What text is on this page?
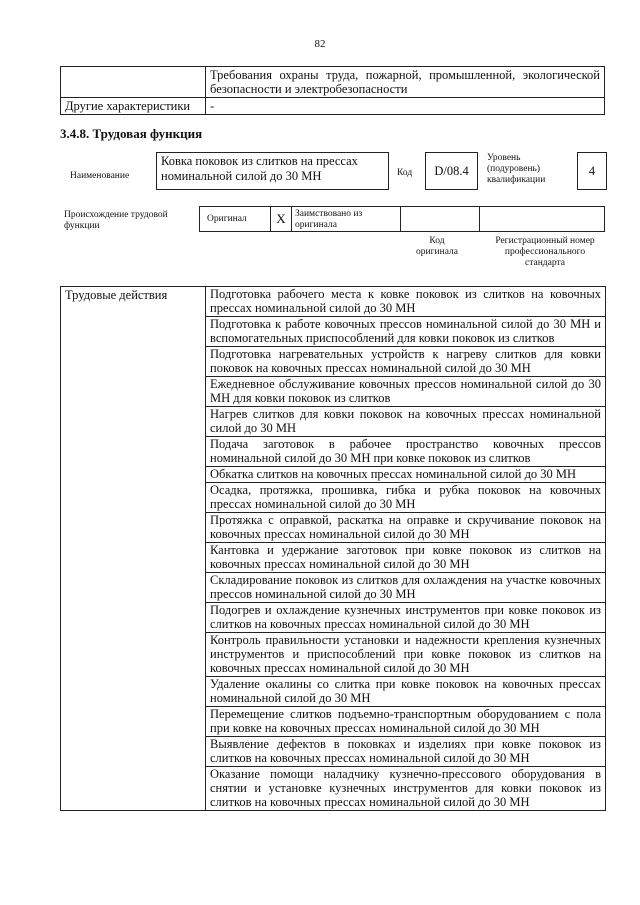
82
	Требования охраны труда, пожарной, промышленной, экологической безопасности и электробезопасности
Другие характеристики	-
3.4.8. Трудовая функция
Наименование
Ковка поковок из слитков на прессах номинальной силой до 30 МН	Код	D/08.4
Уровень
(подуровень)
квалификации
4
Происхождение трудовой функции
Оригинал	X Заимствовано из оригинала
Код
оригинала
Регистрационный номер профессионального стандарта
Трудовые действия	Подготовка рабочего места к ковке поковок из слитков на ковочных прессах номинальной силой до 30 МН
Подготовка к работе ковочных прессов номинальной силой до 30 МН и вспомогательных приспособлений для ковки поковок из слитков
Подготовка нагревательных устройств к нагреву слитков для ковки поковок на ковочных прессах номинальной силой до 30 МН
Ежедневное обслуживание ковочных прессов номинальной силой до 30 МН для ковки поковок из слитков
Нагрев слитков для ковки поковок на ковочных прессах номинальной силой до 30 МН
Подача заготовок в рабочее пространство ковочных прессов номинальной силой до 30 МН при ковке поковок из слитков
Обкатка слитков на ковочных прессах номинальной силой до 30 МН
Осадка, протяжка, прошивка, гибка и рубка поковок на ковочных прессах номинальной силой до 30 МН
Протяжка с оправкой, раскатка на оправке и скручивание поковок на ковочных прессах номинальной силой до 30 МН
Кантовка и удержание заготовок при ковке поковок из слитков на ковочных прессах номинальной силой до 30 МН
Складирование поковок из слитков для охлаждения на участке ковочных прессов номинальной силой до 30 МН
Подогрев и охлаждение кузнечных инструментов при ковке поковок из слитков на ковочных прессах номинальной силой до 30 МН
Контроль правильности установки и надежности крепления кузнечных инструментов и приспособлений при ковке поковок из слитков на ковочных прессах номинальной силой до 30 МН
Удаление окалины со слитка при ковке поковок на ковочных прессах номинальной силой до 30 МН
Перемещение слитков подъемно-транспортным оборудованием с пола при ковке на ковочных прессах номинальной силой до 30 МН
Выявление дефектов в поковках и изделиях при ковке поковок из слитков на ковочных прессах номинальной силой до 30 МН
Оказание помощи наладчику кузнечно-прессового оборудования в снятии и установке кузнечных инструментов для ковки поковок из слитков на ковочных прессах номинальной силой до 30 МН
